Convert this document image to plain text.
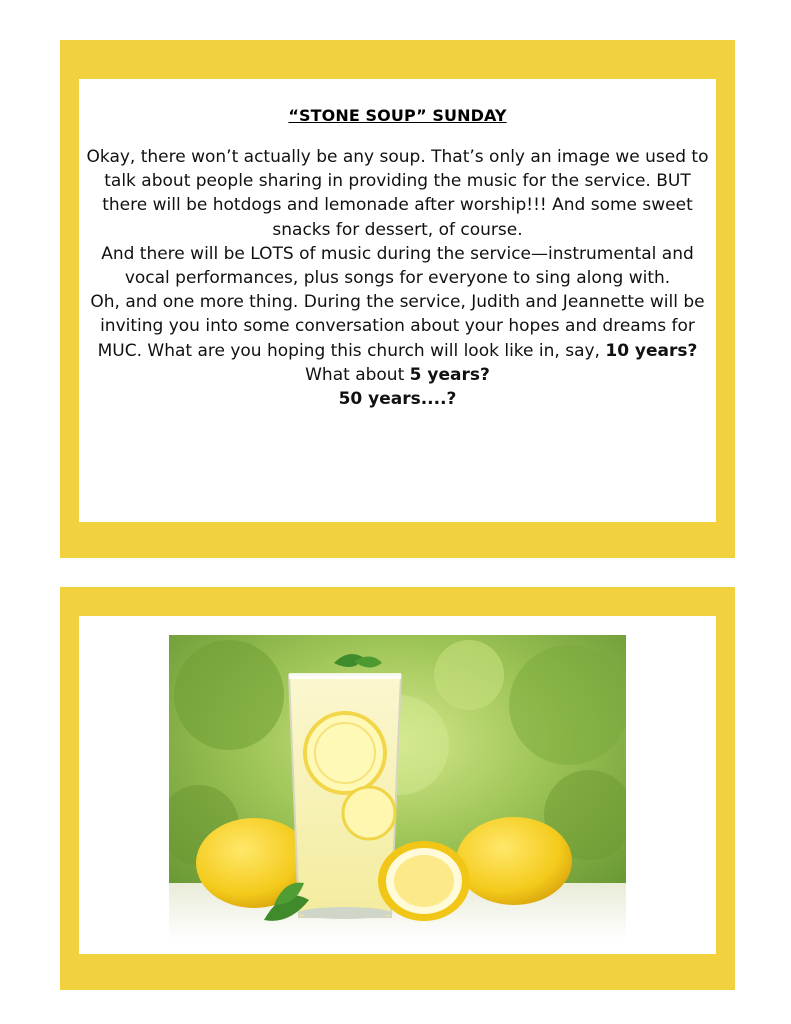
“STONE SOUP” SUNDAY

Okay, there won’t actually be any soup. That’s only an image we used to talk about people sharing in providing the music for the service. BUT there will be hotdogs and lemonade after worship!!! And some sweet snacks for dessert, of course.

And there will be LOTS of music during the service—instrumental and vocal performances, plus songs for everyone to sing along with.

Oh, and one more thing. During the service, Judith and Jeannette will be inviting you into some conversation about your hopes and dreams for MUC. What are you hoping this church will look like in, say, 10 years? What about 5 years?
50 years....?
